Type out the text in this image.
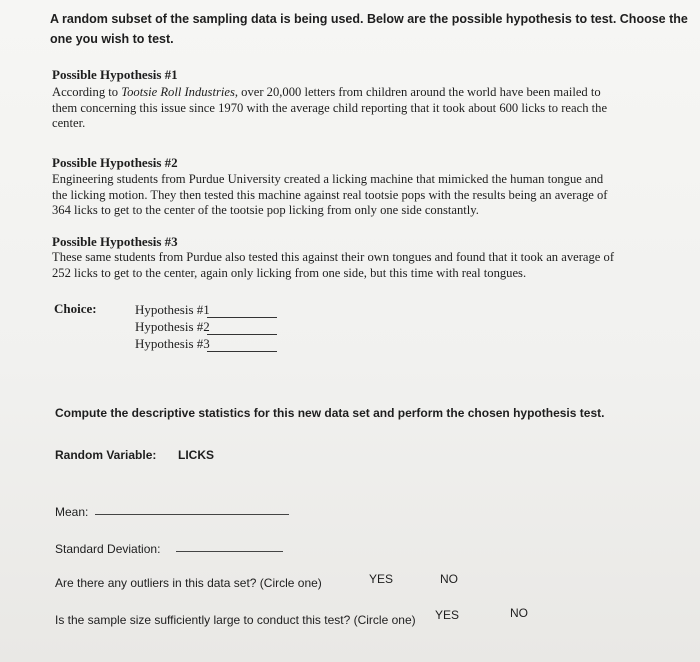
A random subset of the sampling data is being used. Below are the possible hypothesis to test. Choose the
one you wish to test.
Possible Hypothesis #1
According to Tootsie Roll Industries, over 20,000 letters from children around the world have been mailed to
them concerning this issue since 1970 with the average child reporting that it took about 600 licks to reach the
center.
Possible Hypothesis #2
Engineering students from Purdue University created a licking machine that mimicked the human tongue and
the licking motion. They then tested this machine against real tootsie pops with the results being an average of
364 licks to get to the center of the tootsie pop licking from only one side constantly.
Possible Hypothesis #3
These same students from Purdue also tested this against their own tongues and found that it took an average of
252 licks to get to the center, again only licking from one side, but this time with real tongues.
Choice:	Hypothesis #1
Hypothesis #2
Hypothesis #3
Compute the descriptive statistics for this new data set and perform the chosen hypothesis test.
Random Variable: LICKS
Mean:
Standard Deviation:
Are there any outliers in this data set? (Circle one)	YES	NO
Is the sample size sufficiently large to conduct this test? (Circle one) YES	NO
